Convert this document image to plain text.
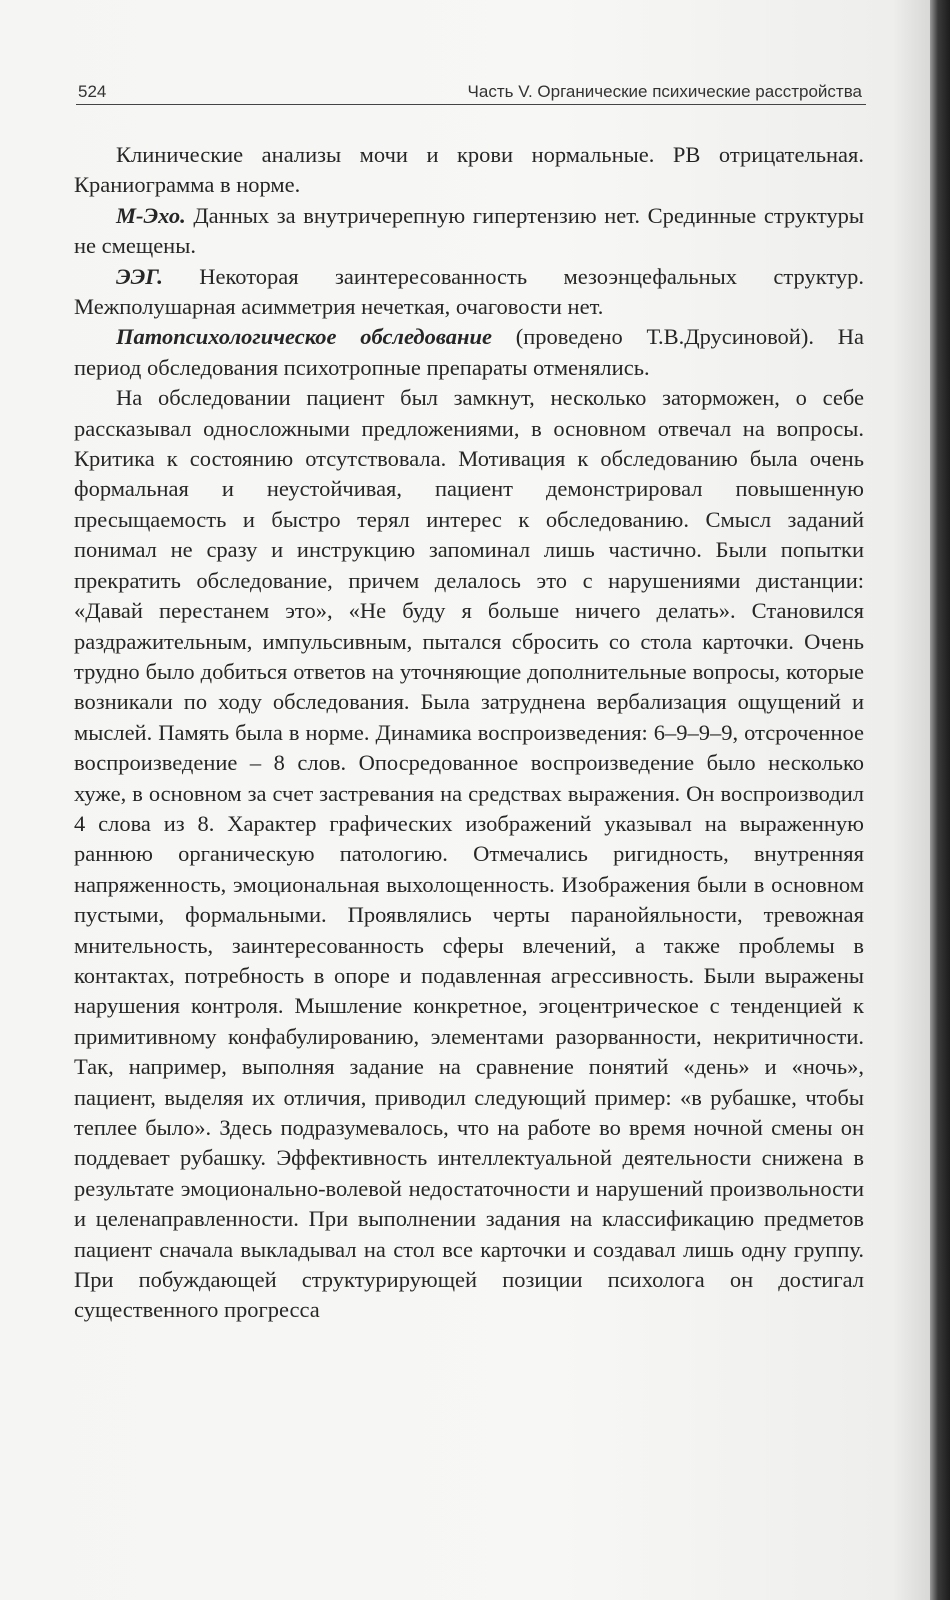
524	Часть V. Органические психические расстройства

Клинические анализы мочи и крови нормальные. РВ отрицательная. Краниограмма в норме.

М-Эхо. Данных за внутричерепную гипертензию нет. Срединные структуры не смещены.

ЭЭГ. Некоторая заинтересованность мезоэнцефальных структур. Межполушарная асимметрия нечеткая, очаговости нет.

Патопсихологическое обследование (проведено Т.В.Друсиновой). На период обследования психотропные препараты отменялись.

На обследовании пациент был замкнут, несколько заторможен, о себе рассказывал односложными предложениями, в основном отвечал на вопросы. Критика к состоянию отсутствовала. Мотивация к обследованию была очень формальная и неустойчивая, пациент демонстрировал повышенную пресыщаемость и быстро терял интерес к обследованию. Смысл заданий понимал не сразу и инструкцию запоминал лишь частично. Были попытки прекратить обследование, причем делалось это с нарушениями дистанции: «Давай перестанем это», «Не буду я больше ничего делать». Становился раздражительным, импульсивным, пытался сбросить со стола карточки. Очень трудно было добиться ответов на уточняющие дополнительные вопросы, которые возникали по ходу обследования. Была затруднена вербализация ощущений и мыслей. Память была в норме. Динамика воспроизведения: 6–9–9–9, отсроченное воспроизведение – 8 слов. Опосредованное воспроизведение было несколько хуже, в основном за счет застревания на средствах выражения. Он воспроизводил 4 слова из 8. Характер графических изображений указывал на выраженную раннюю органическую патологию. Отмечались ригидность, внутренняя напряженность, эмоциональная выхолощенность. Изображения были в основном пустыми, формальными. Проявлялись черты паранойяльности, тревожная мнительность, заинтересованность сферы влечений, а также проблемы в контактах, потребность в опоре и подавленная агрессивность. Были выражены нарушения контроля. Мышление конкретное, эгоцентрическое с тенденцией к примитивному конфабулированию, элементами разорванности, некритичности. Так, например, выполняя задание на сравнение понятий «день» и «ночь», пациент, выделяя их отличия, приводил следующий пример: «в рубашке, чтобы теплее было». Здесь подразумевалось, что на работе во время ночной смены он поддевает рубашку. Эффективность интеллектуальной деятельности снижена в результате эмоционально-волевой недостаточности и нарушений произвольности и целенаправленности. При выполнении задания на классификацию предметов пациент сначала выкладывал на стол все карточки и создавал лишь одну группу. При побуждающей структурирующей позиции психолога он достигал существенного прогресса
